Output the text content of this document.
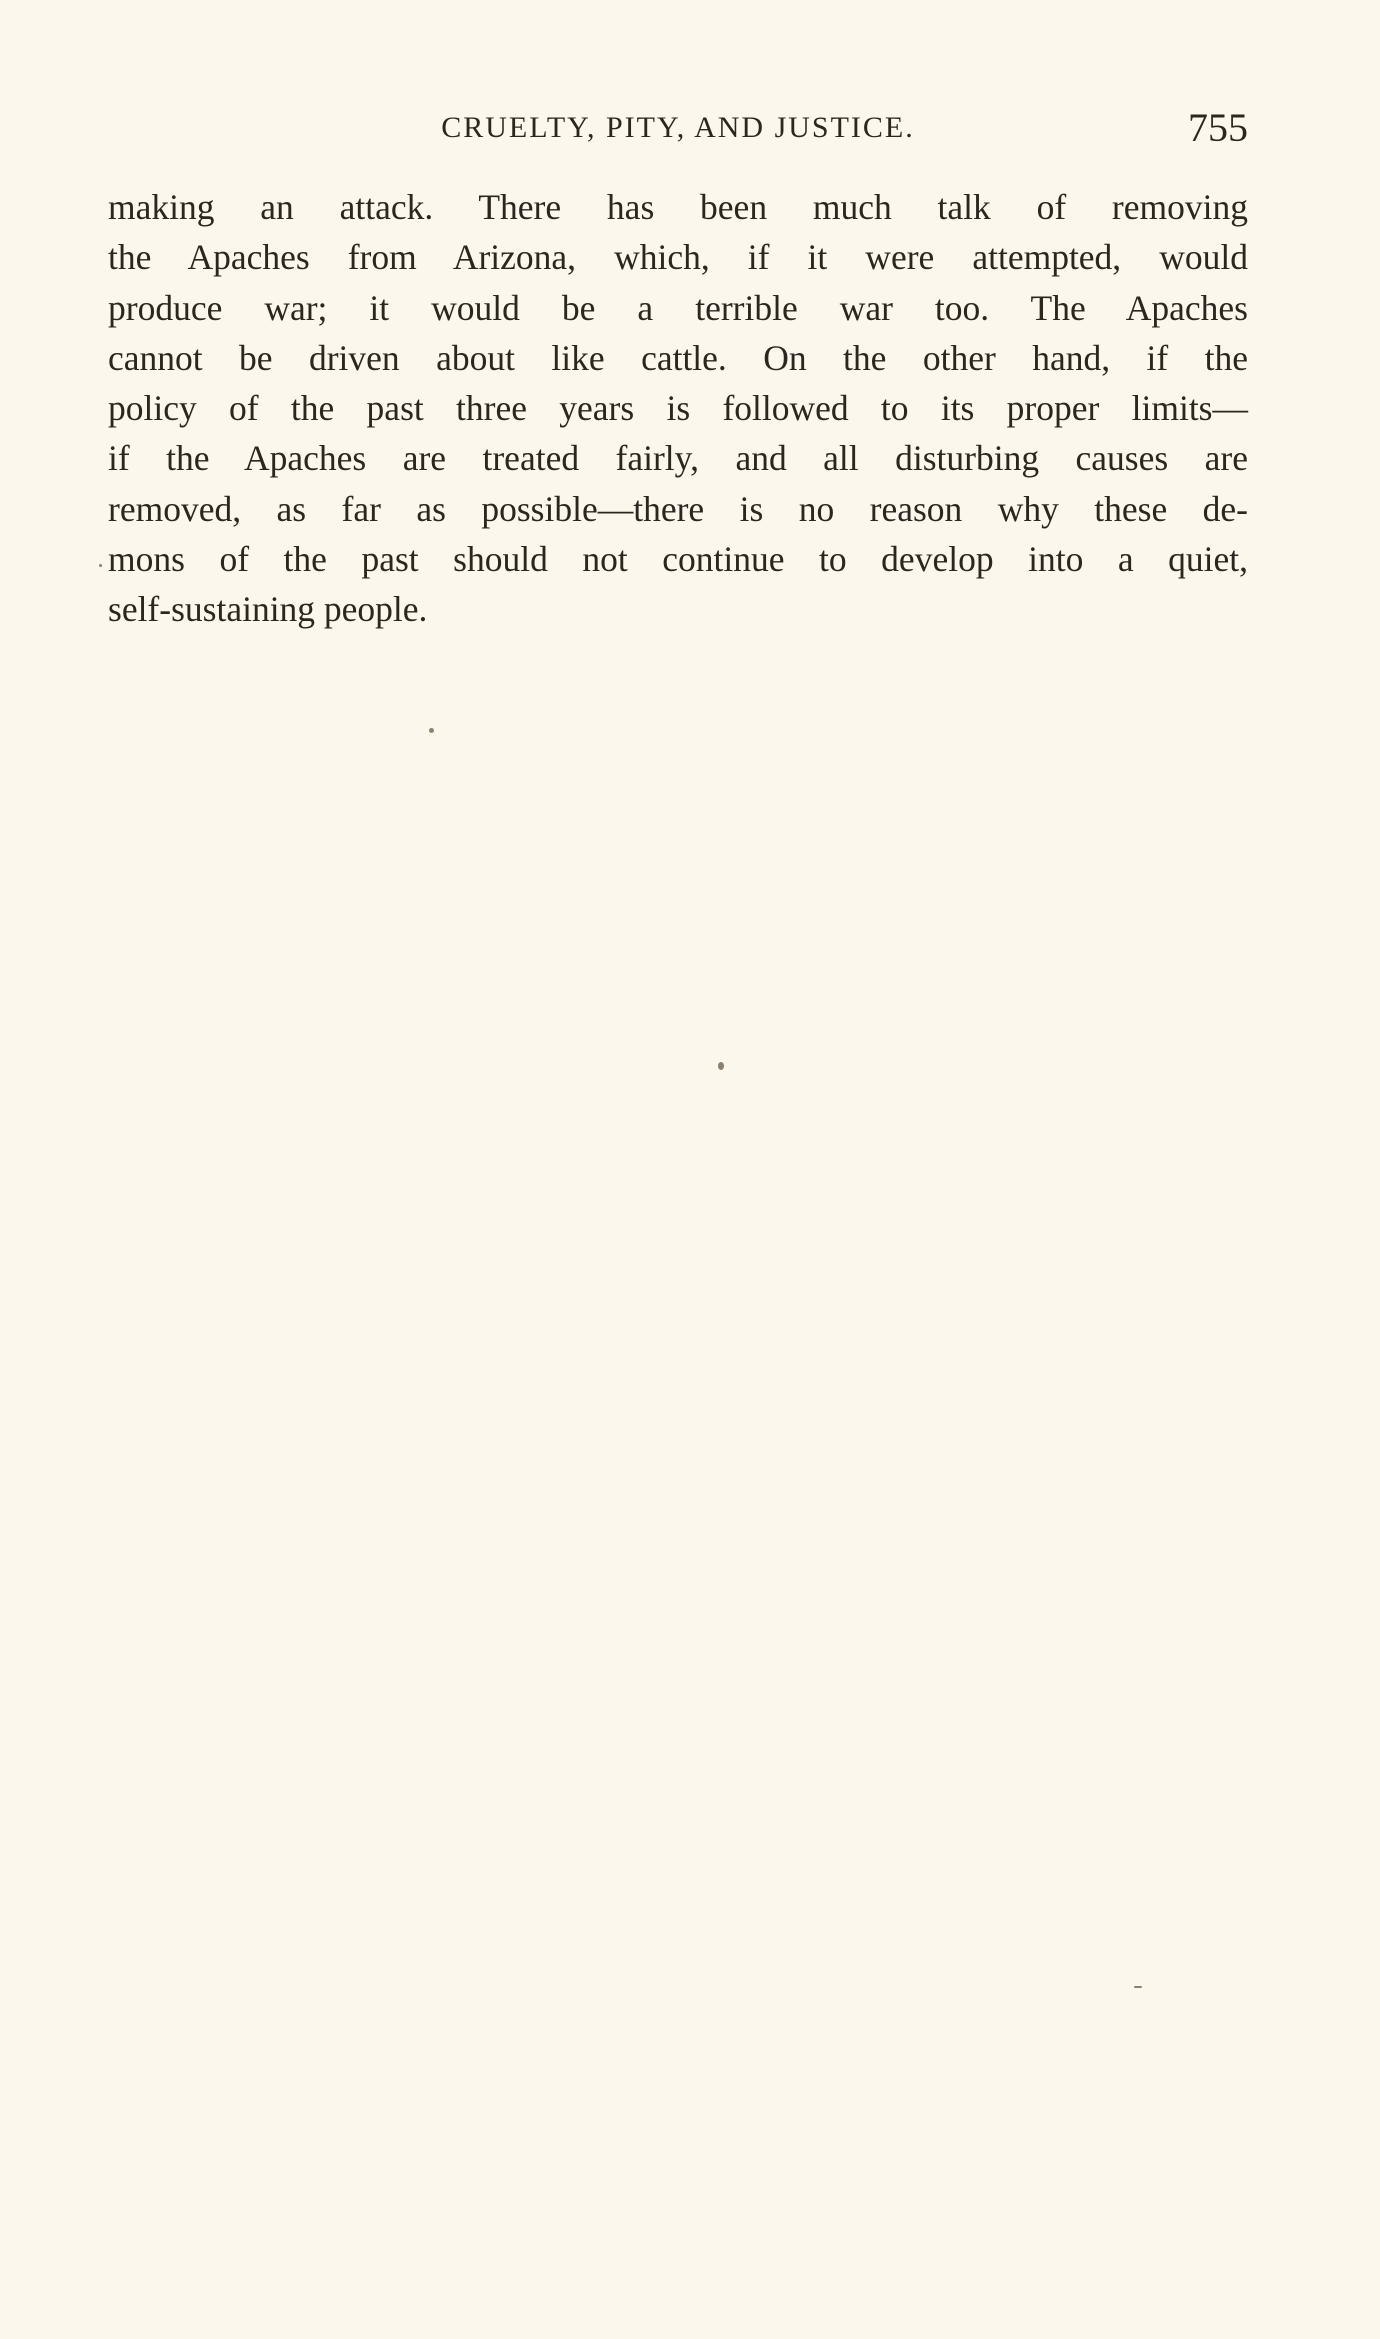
CRUELTY, PITY, AND JUSTICE.	755
making an attack. There has been much talk of removing
the Apaches from Arizona, which, if it were attempted, would
produce war; it would be a terrible war too. The Apaches
cannot be driven about like cattle. On the other hand, if the
policy of the past three years is followed to its proper limits—
if the Apaches are treated fairly, and all disturbing causes are
removed, as far as possible—there is no reason why these de-
mons of the past should not continue to develop into a quiet,
self-sustaining people.
